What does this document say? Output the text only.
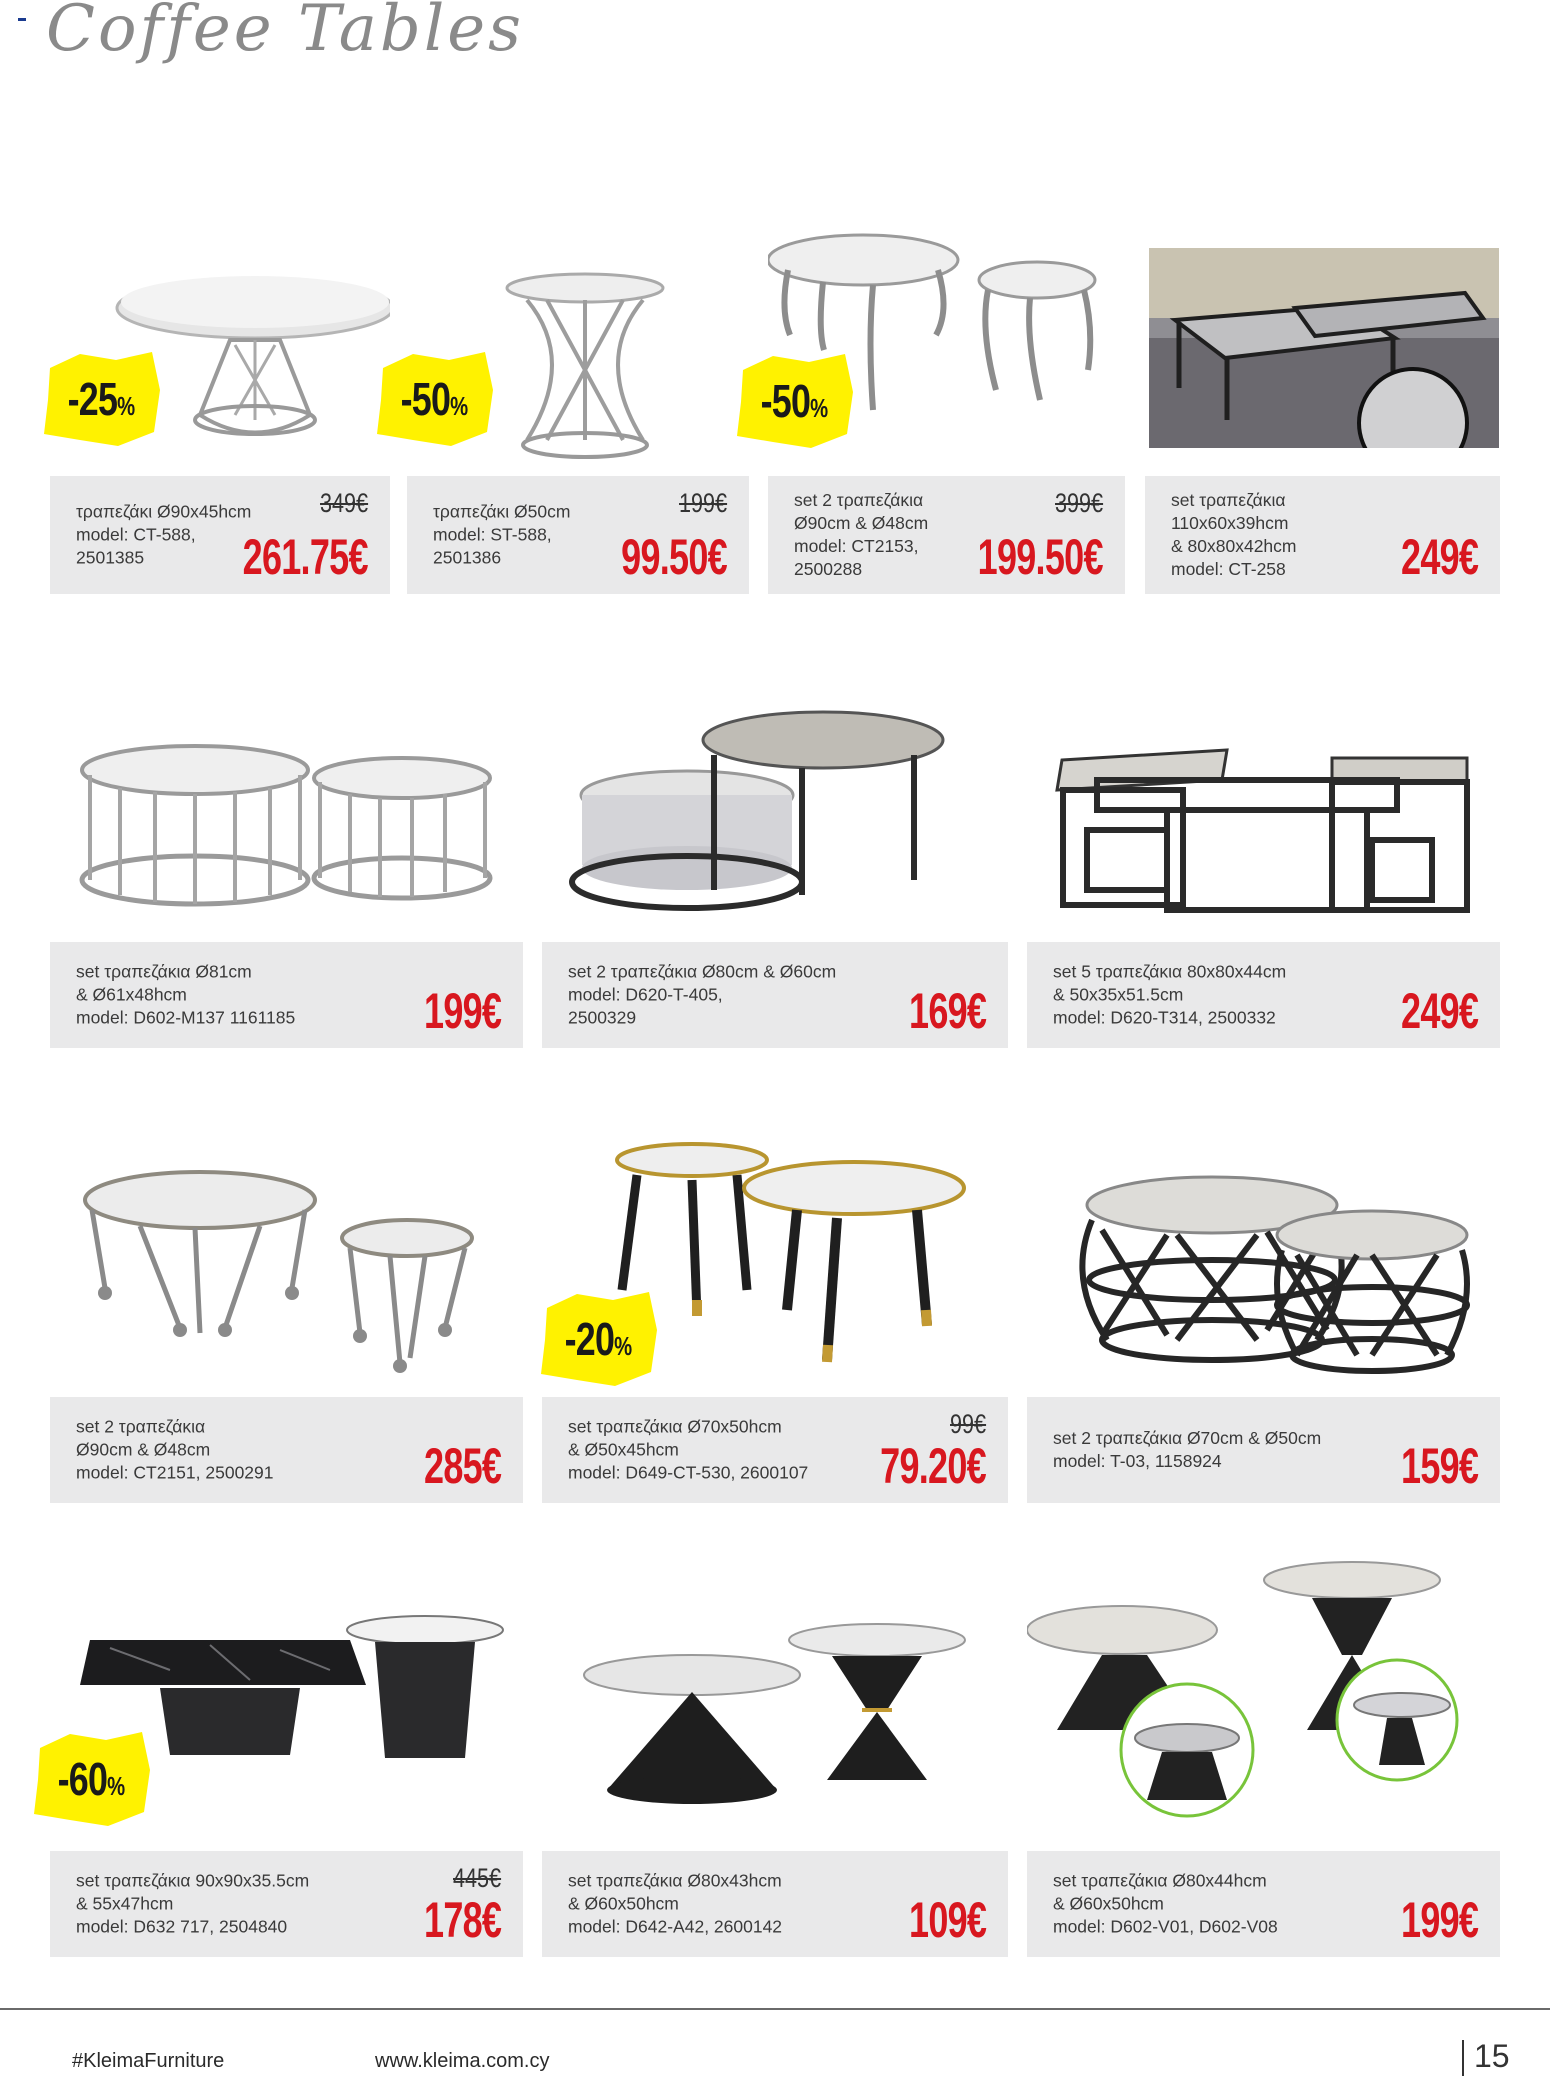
Coffee Tables
-25%
τραπεζάκι Ø90x45hcm
model: CT-588,
2501385
349€
261.75€
-50%
τραπεζάκι Ø50cm
model: ST-588,
2501386
199€
99.50€
-50%
set 2 τραπεζάκια
Ø90cm & Ø48cm
model: CT2153,
2500288
399€
199.50€
set τραπεζάκια
110x60x39hcm
& 80x80x42hcm
model: CT-258 249€
set τραπεζάκια Ø81cm
& Ø61x48hcm
model: D602-M137 1161185	199€
set 2 τραπεζάκια Ø80cm & Ø60cm
model: D620-T-405,
2500329	169€
set 5 τραπεζάκια 80x80x44cm
& 50x35x51.5cm
model: D620-T314, 2500332 249€
set 2 τραπεζάκια
Ø90cm & Ø48cm
model: CT2151, 2500291	285€
-20%
set τραπεζάκια Ø70x50hcm
& Ø50x45hcm
model: D649-CT-530, 2600107
99€
79.20€	set 2 τραπεζάκια Ø70cm & Ø50cm
model: T-03, 1158924	159€
-60%
set τραπεζάκια 90x90x35.5cm
& 55x47hcm
model: D632 717, 2504840
445€
178€
set τραπεζάκια Ø80x43hcm
& Ø60x50hcm
model: D642-A42, 2600142	109€
set τραπεζάκια Ø80x44hcm
& Ø60x50hcm
model: D602-V01, D602-V08 199€
#KleimaFurniture	www.kleima.com.cy	15
